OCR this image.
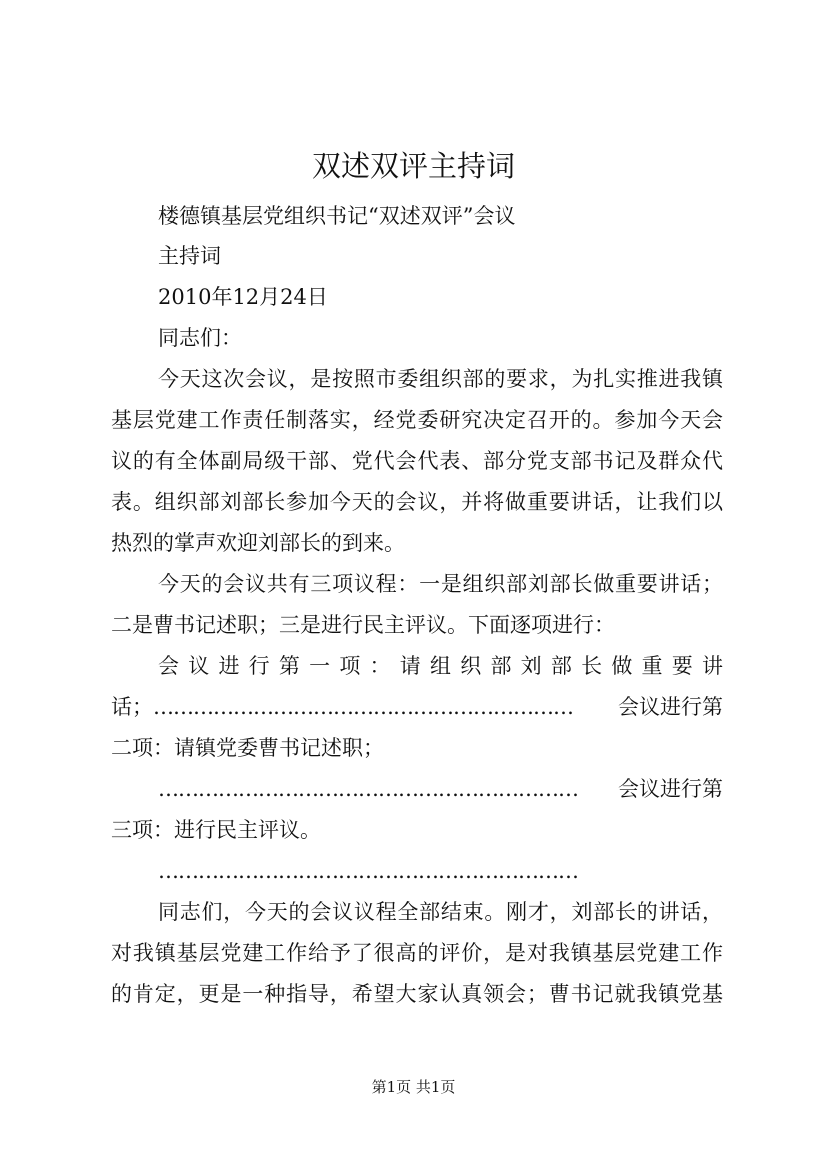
双述双评主持词
楼德镇基层党组织书记“双述双评”会议
主持词
2010年12月24日
同志们：
今天这次会议，是按照市委组织部的要求，为扎实推进我镇
基层党建工作责任制落实，经党委研究决定召开的。参加今天会
议的有全体副局级干部、党代会代表、部分党支部书记及群众代
表。组织部刘部长参加今天的会议，并将做重要讲话，让我们以
热烈的掌声欢迎刘部长的到来。
今天的会议共有三项议程：一是组织部刘部长做重要讲话；
二是曹书记述职；三是进行民主评议。下面逐项进行：
会议进行第一项：请组织部刘部长做重要讲
话；……………………………………………………… 会议进行第
二项：请镇党委曹书记述职；
……………………………………………………… 会议进行第
三项：进行民主评议。
………………………………………………………
同志们，今天的会议议程全部结束。刚才，刘部长的讲话，
对我镇基层党建工作给予了很高的评价，是对我镇基层党建工作
的肯定，更是一种指导，希望大家认真领会；曹书记就我镇党基
第1页 共1页
